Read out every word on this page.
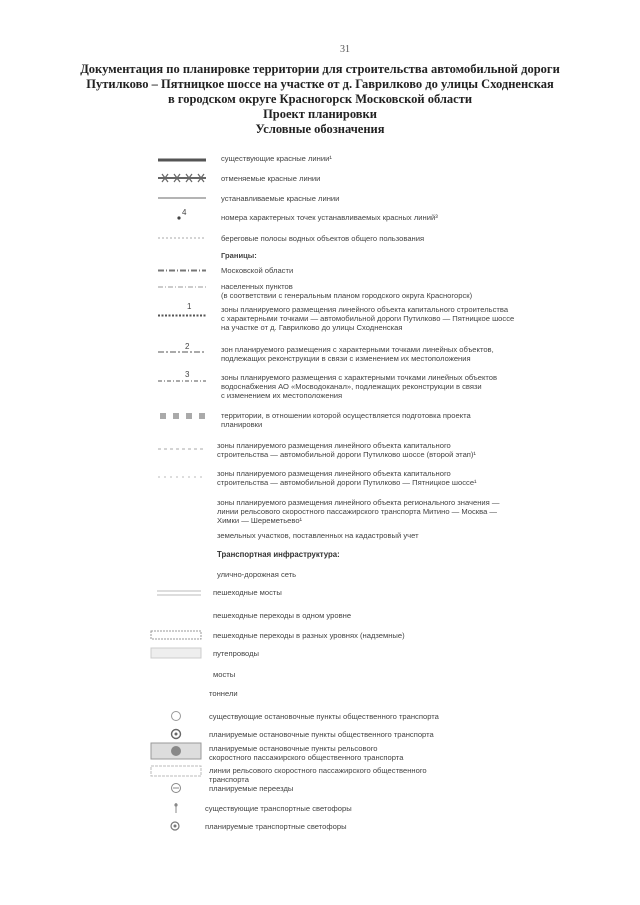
31
Документация по планировке территории для строительства автомобильной дороги
Путилково – Пятницкое шоссе на участке от д. Гаврилково до улицы Сходненская
в городском округе Красногорск Московской области
Проект планировки
Условные обозначения
существующие красные линии¹
отменяемые красные линии
устанавливаемые красные линии
4
номера характерных точек устанавливаемых красных линий³
береговые полосы водных объектов общего пользования
Границы:
Московской области
населенных пунктов
(в соответствии с генеральным планом городского округа Красногорск)
1	зоны планируемого размещения линейного объекта капитального строительства
с характерными точками — автомобильной дороги Путилково — Пятницкое шоссе
на участке от д. Гаврилково до улицы Сходненская
2	зон планируемого размещения с характерными точками линейных объектов,
подлежащих реконструкции в связи с изменением их местоположения
3	зоны планируемого размещения с характерными точками линейных объектов
водоснабжения АО «Мосводоканал», подлежащих реконструкции в связи
с изменением их местоположения
территории, в отношении которой осуществляется подготовка проекта
планировки
зоны планируемого размещения линейного объекта капитального
строительства — автомобильной дороги Путилково шоссе (второй этап)¹
зоны планируемого размещения линейного объекта капитального
строительства — автомобильной дороги Путилково — Пятницкое шоссе¹
зоны планируемого размещения линейного объекта регионального значения —
линии рельсового скоростного пассажирского транспорта Митино — Москва —
Химки — Шереметьево¹
земельных участков, поставленных на кадастровый учет
Транспортная инфраструктура:
улично-дорожная сеть
пешеходные мосты
пешеходные переходы в одном уровне
пешеходные переходы в разных уровнях (надземные)
путепроводы
мосты
тоннели
существующие остановочные пункты общественного транспорта
планируемые остановочные пункты общественного транспорта
планируемые остановочные пункты рельсового
скоростного пассажирского общественного транспорта
линии рельсового скоростного пассажирского общественного
транспорта
планируемые переезды
существующие транспортные светофоры
планируемые транспортные светофоры
